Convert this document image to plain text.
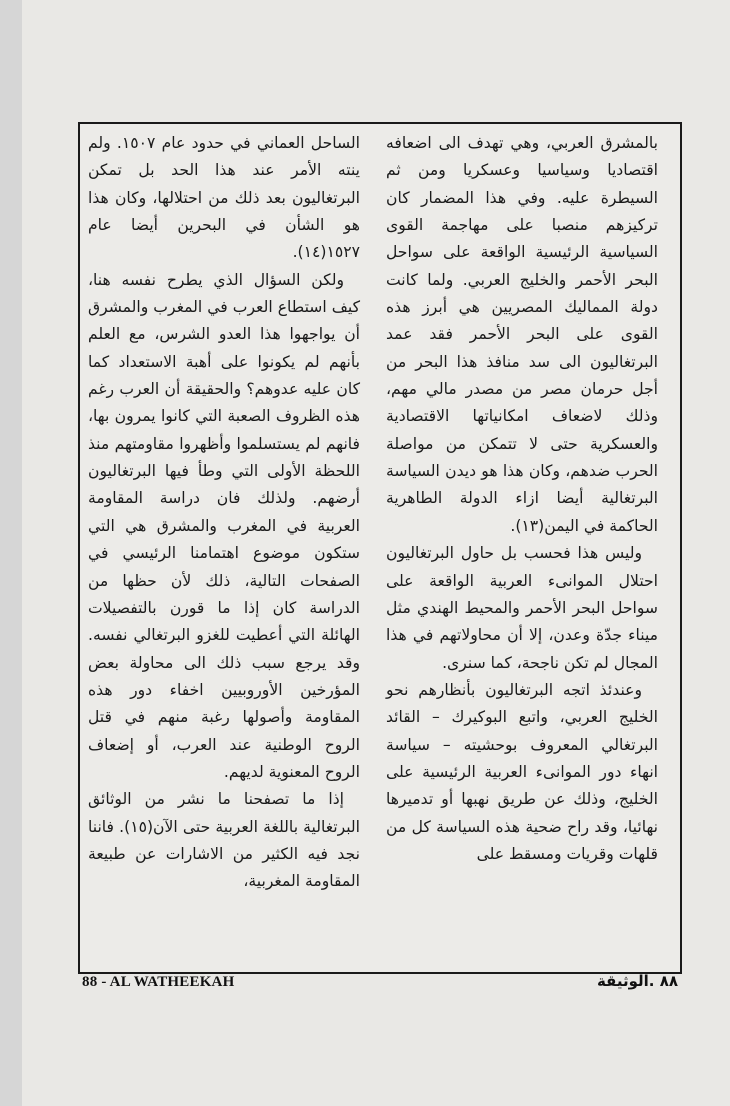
بالمشرق العربي، وهي تهدف الى اضعافه اقتصاديا وسياسيا وعسكريا ومن ثم السيطرة عليه. وفي هذا المضمار كان تركيزهم منصبا على مهاجمة القوى السياسية الرئيسية الواقعة على سواحل البحر الأحمر والخليج العربي. ولما كانت دولة المماليك المصريين هي أبرز هذه القوى على البحر الأحمر فقد عمد البرتغاليون الى سد منافذ هذا البحر من أجل حرمان مصر من مصدر مالي مهم، وذلك لاضعاف امكانياتها الاقتصادية والعسكرية حتى لا تتمكن من مواصلة الحرب ضدهم، وكان هذا هو ديدن السياسة البرتغالية أيضا ازاء الدولة الطاهرية الحاكمة في اليمن(١٣).

وليس هذا فحسب بل حاول البرتغاليون احتلال الموانىء العربية الواقعة على سواحل البحر الأحمر والمحيط الهندي مثل ميناء جدّة وعدن، إلا أن محاولاتهم في هذا المجال لم تكن ناجحة، كما سنرى.

وعندئذ اتجه البرتغاليون بأنظارهم نحو الخليج العربي، واتبع البوكيرك – القائد البرتغالي المعروف بوحشيته – سياسة انهاء دور الموانىء العربية الرئيسية على الخليج، وذلك عن طريق نهبها أو تدميرها نهائيا، وقد راح ضحية هذه السياسة كل من قلهات وقريات ومسقط على

الساحل العماني في حدود عام ١٥٠٧. ولم ينته الأمر عند هذا الحد بل تمكن البرتغاليون بعد ذلك من احتلالها، وكان هذا هو الشأن في البحرين أيضا عام ١٥٢٧(١٤).

ولكن السؤال الذي يطرح نفسه هنا، كيف استطاع العرب في المغرب والمشرق أن يواجهوا هذا العدو الشرس، مع العلم بأنهم لم يكونوا على أهبة الاستعداد كما كان عليه عدوهم؟ والحقيقة أن العرب رغم هذه الظروف الصعبة التي كانوا يمرون بها، فانهم لم يستسلموا وأظهروا مقاومتهم منذ اللحظة الأولى التي وطأ فيها البرتغاليون أرضهم. ولذلك فان دراسة المقاومة العربية في المغرب والمشرق هي التي ستكون موضوع اهتمامنا الرئيسي في الصفحات التالية، ذلك لأن حظها من الدراسة كان إذا ما قورن بالتفصيلات الهائلة التي أعطيت للغزو البرتغالي نفسه. وقد يرجع سبب ذلك الى محاولة بعض المؤرخين الأوروبيين اخفاء دور هذه المقاومة وأصولها رغبة منهم في قتل الروح الوطنية عند العرب، أو إضعاف الروح المعنوية لديهم.

إذا ما تصفحنا ما نشر من الوثائق البرتغالية باللغة العربية حتى الآن(١٥). فاننا نجد فيه الكثير من الاشارات عن طبيعة المقاومة المغربية،

88 - AL WATHEEKAH	٨٨ .الوثيقة
